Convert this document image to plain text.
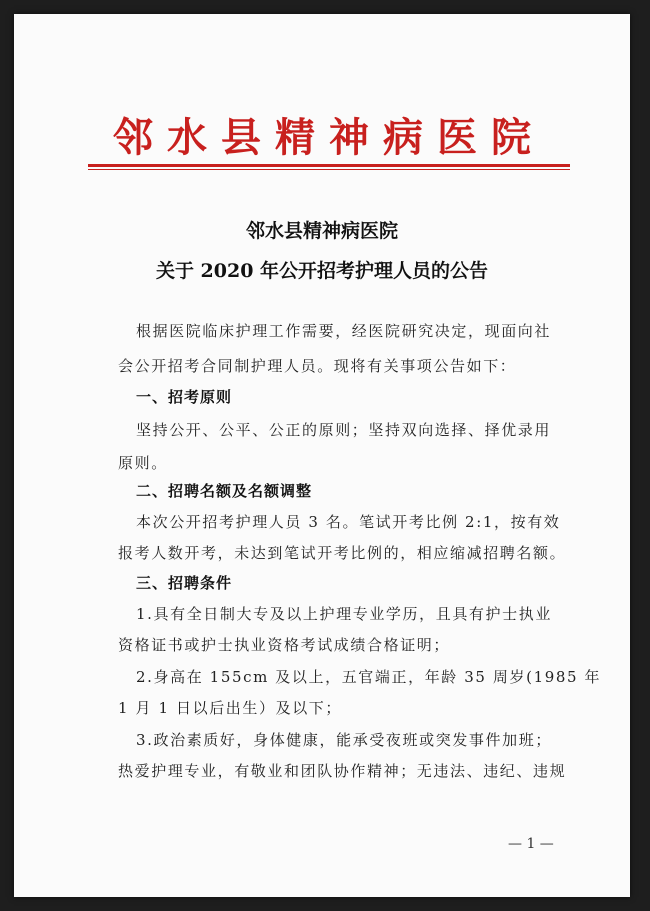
邻水县精神病医院
邻水县精神病医院
关于 2020 年公开招考护理人员的公告
根据医院临床护理工作需要，经医院研究决定，现面向社
会公开招考合同制护理人员。现将有关事项公告如下：
一、招考原则
坚持公开、公平、公正的原则；坚持双向选择、择优录用
原则。
二、招聘名额及名额调整
本次公开招考护理人员 3 名。笔试开考比例 2:1，按有效
报考人数开考，未达到笔试开考比例的，相应缩减招聘名额。
三、招聘条件
1.具有全日制大专及以上护理专业学历，且具有护士执业
资格证书或护士执业资格考试成绩合格证明；
2.身高在 155cm 及以上，五官端正，年龄 35 周岁(1985 年
1 月 1 日以后出生）及以下；
3.政治素质好，身体健康，能承受夜班或突发事件加班；
热爱护理专业，有敬业和团队协作精神；无违法、违纪、违规
— 1 —
